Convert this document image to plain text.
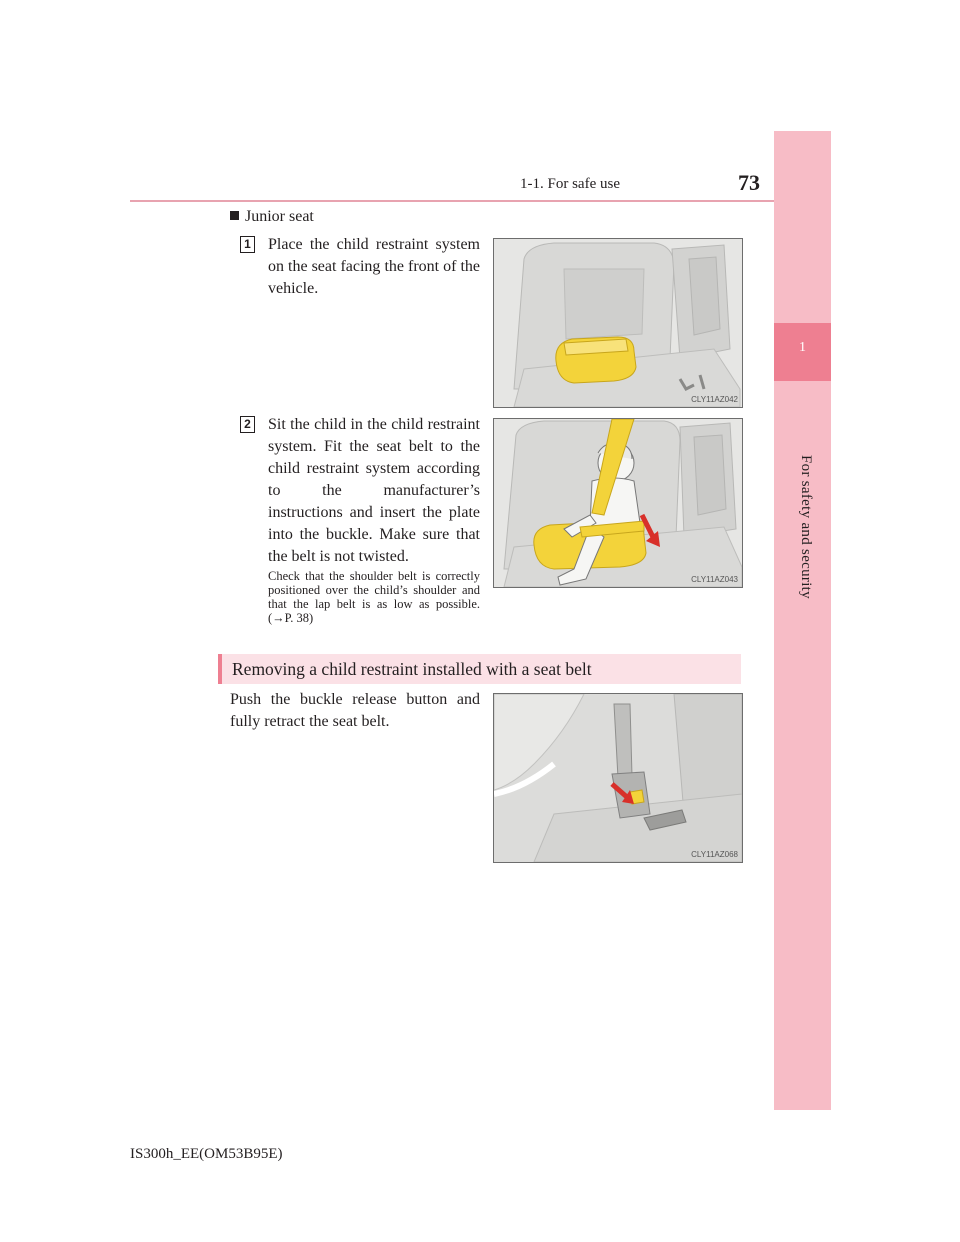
1-1. For safe use	73
1
For safety and security
Junior seat
1 Place the child restraint system on the seat facing the front of the vehicle.
CLY11AZ042
2 Sit the child in the child restraint system. Fit the seat belt to the child restraint system according to the manufacturer’s instructions and insert the plate into the buckle. Make sure that the belt is not twisted.
Check that the shoulder belt is correctly positioned over the child’s shoulder and that the lap belt is as low as possible. (→P. 38)
CLY11AZ043
Removing a child restraint installed with a seat belt
Push the buckle release button and fully retract the seat belt.
CLY11AZ068
IS300h_EE(OM53B95E)
